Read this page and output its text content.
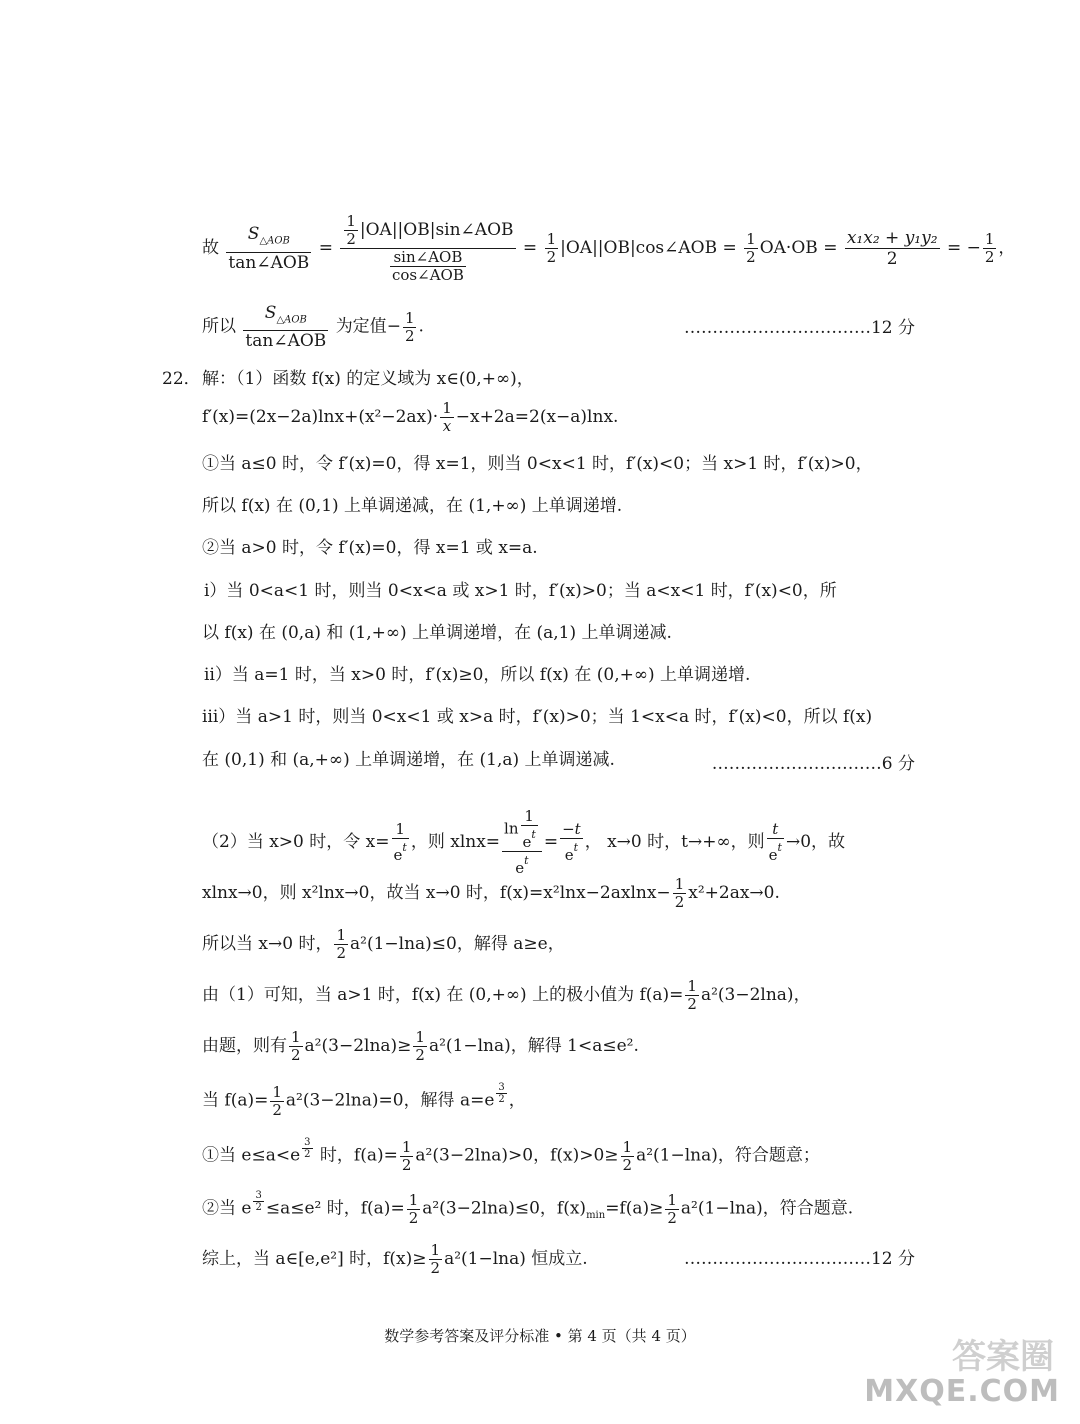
故 $\frac{S_{\triangle AOB}}{\text{tan∠AOB}} = \frac{\frac{1}{2} |OA||OB|\sin\angle AOB}{\frac{\text{sin∠AOB}}{\text{cos∠AOB}}} = \frac{1}{2}$ |OA||OB|cos∠AOB = $\frac{1}{2} OA\cdot OB = \frac{\text{x₁x₂ + y₁y₂}}{2}$ = − $\frac{1}{2}$ ，
所以 $\frac{S_{\triangle AOB}}{\text{tan∠AOB}}$ 为定值− $\frac{1}{2}$ .	……………………………12 分
22． 解：（1）函数 f(x) 的定义域为 x∈(0,+∞)，
$f'(x)=(2x-2a)\ln x+(x^2-2ax)\cdot \frac{1}{x} -x+2a=2(x-a)\ln x$.
①当 a≤0 时，令 f′(x)=0，得 x=1，则当 0<x<1 时，f′(x)<0；当 x>1 时，f′(x)>0，
所以 f(x) 在 (0,1) 上单调递减，在 (1,+∞) 上单调递增.
②当 a>0 时，令 f′(x)=0，得 x=1 或 x=a.
ⅰ）当 0<a<1 时，则当 0<x<a 或 x>1 时，f′(x)>0；当 a<x<1 时，f′(x)<0，所
以 f(x) 在 (0,a) 和 (1,+∞) 上单调递增，在 (a,1) 上单调递减.
ⅱ）当 a=1 时，当 x>0 时，f′(x)≥0，所以 f(x) 在 (0,+∞) 上单调递增.
ⅲ）当 a>1 时，则当 0<x<1 或 x>a 时，f′(x)>0；当 1<x<a 时，f′(x)<0，所以 f(x)
在 (0,1) 和 (a,+∞) 上单调递增，在 (1,a) 上单调递减.	…………………………6 分
（2）当 x>0 时，令 $x= \frac{1}{e^t}$ ，则 $xlnx= \frac{\ln \frac{1}{e^t}}{e^t} = \frac{-t}{e^t}$ ， x→0 时，t→+∞，则 $\frac{t}{e^t} \to 0$，故
xlnx→0，则 x²lnx→0，故当 x→0 时，$f(x)=x^2\ln x-2axlnx- \frac{1}{2} x^2+2ax\to 0$.
所以当 x→0 时， $\frac{1}{2} a^2(1-\ln a)\le 0$，解得 a≥e，
由（1）可知，当 a>1 时，f(x) 在 (0,+∞) 上的极小值为 $f(a)= \frac{1}{2} a^2(3-2\ln a)$，
由题，则有 $\frac{1}{2} a^2(3-2\ln a)\ge \frac{1}{2} a^2(1-\ln a)$，解得 1<a≤e².
当 $f(a)= \frac{1}{2} a^2(3-2\ln a)=0$，解得 a=e $^{\frac{3}{2}}$ ，
①当 e≤a<e $^{\frac{3}{2}}$ 时，$f(a)= \frac{1}{2} a^2(3-2\ln a)>0$，$f(x)>0\ge \frac{1}{2} a^2(1-\ln a)$，符合题意；
②当 e $^{\frac{3}{2}}$ ≤a≤e² 时，$f(a)= \frac{1}{2} a^2(3-2\ln a)\le 0$，$f(x)_{min}=f(a)\ge \frac{1}{2} a^2(1-\ln a)$，符合题意.
综上，当 a∈[e,e²] 时，$f(x)\ge \frac{1}{2} a^2(1-\ln a)$ 恒成立.	……………………………12 分
数学参考答案及评分标准 • 第 4 页（共 4 页）
答案圈
MXQE.COM
